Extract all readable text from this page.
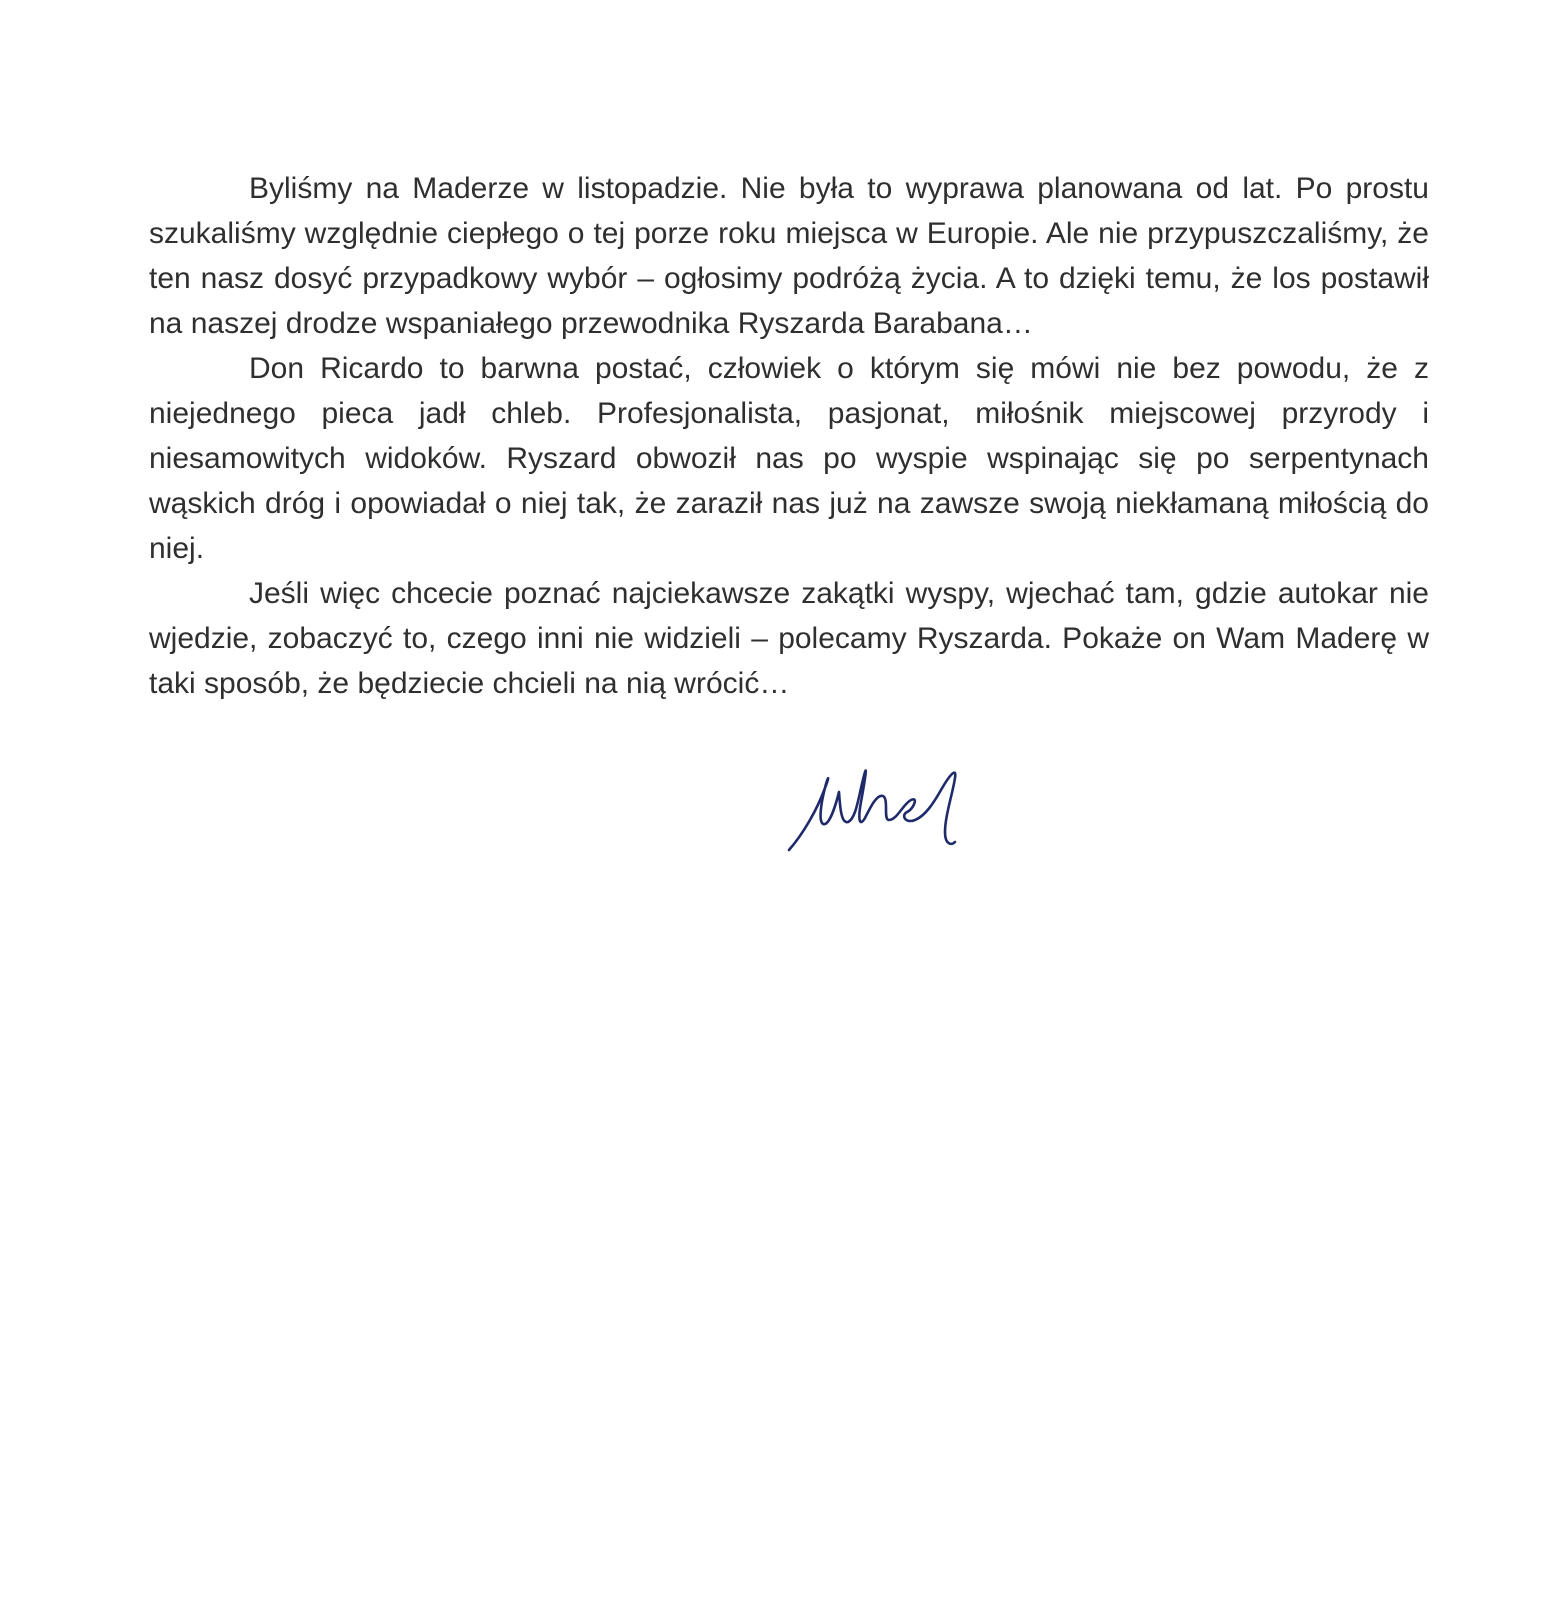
Byliśmy na Maderze w listopadzie. Nie była to wyprawa planowana od lat. Po prostu szukaliśmy względnie ciepłego o tej porze roku miejsca w Europie. Ale nie przypuszczaliśmy, że ten nasz dosyć przypadkowy wybór – ogłosimy podróżą życia. A to dzięki temu, że los postawił na naszej drodze wspaniałego przewodnika Ryszarda Barabana…

Don Ricardo to barwna postać, człowiek o którym się mówi nie bez powodu, że z niejednego pieca jadł chleb. Profesjonalista, pasjonat, miłośnik miejscowej przyrody i niesamowitych widoków. Ryszard obwoził nas po wyspie wspinając się po serpentynach wąskich dróg i opowiadał o niej tak, że zaraził nas już na zawsze swoją niekłamaną miłością do niej.

Jeśli więc chcecie poznać najciekawsze zakątki wyspy, wjechać tam, gdzie autokar nie wjedzie, zobaczyć to, czego inni nie widzieli – polecamy Ryszarda. Pokaże on Wam Maderę w taki sposób, że będziecie chcieli na nią wrócić…
